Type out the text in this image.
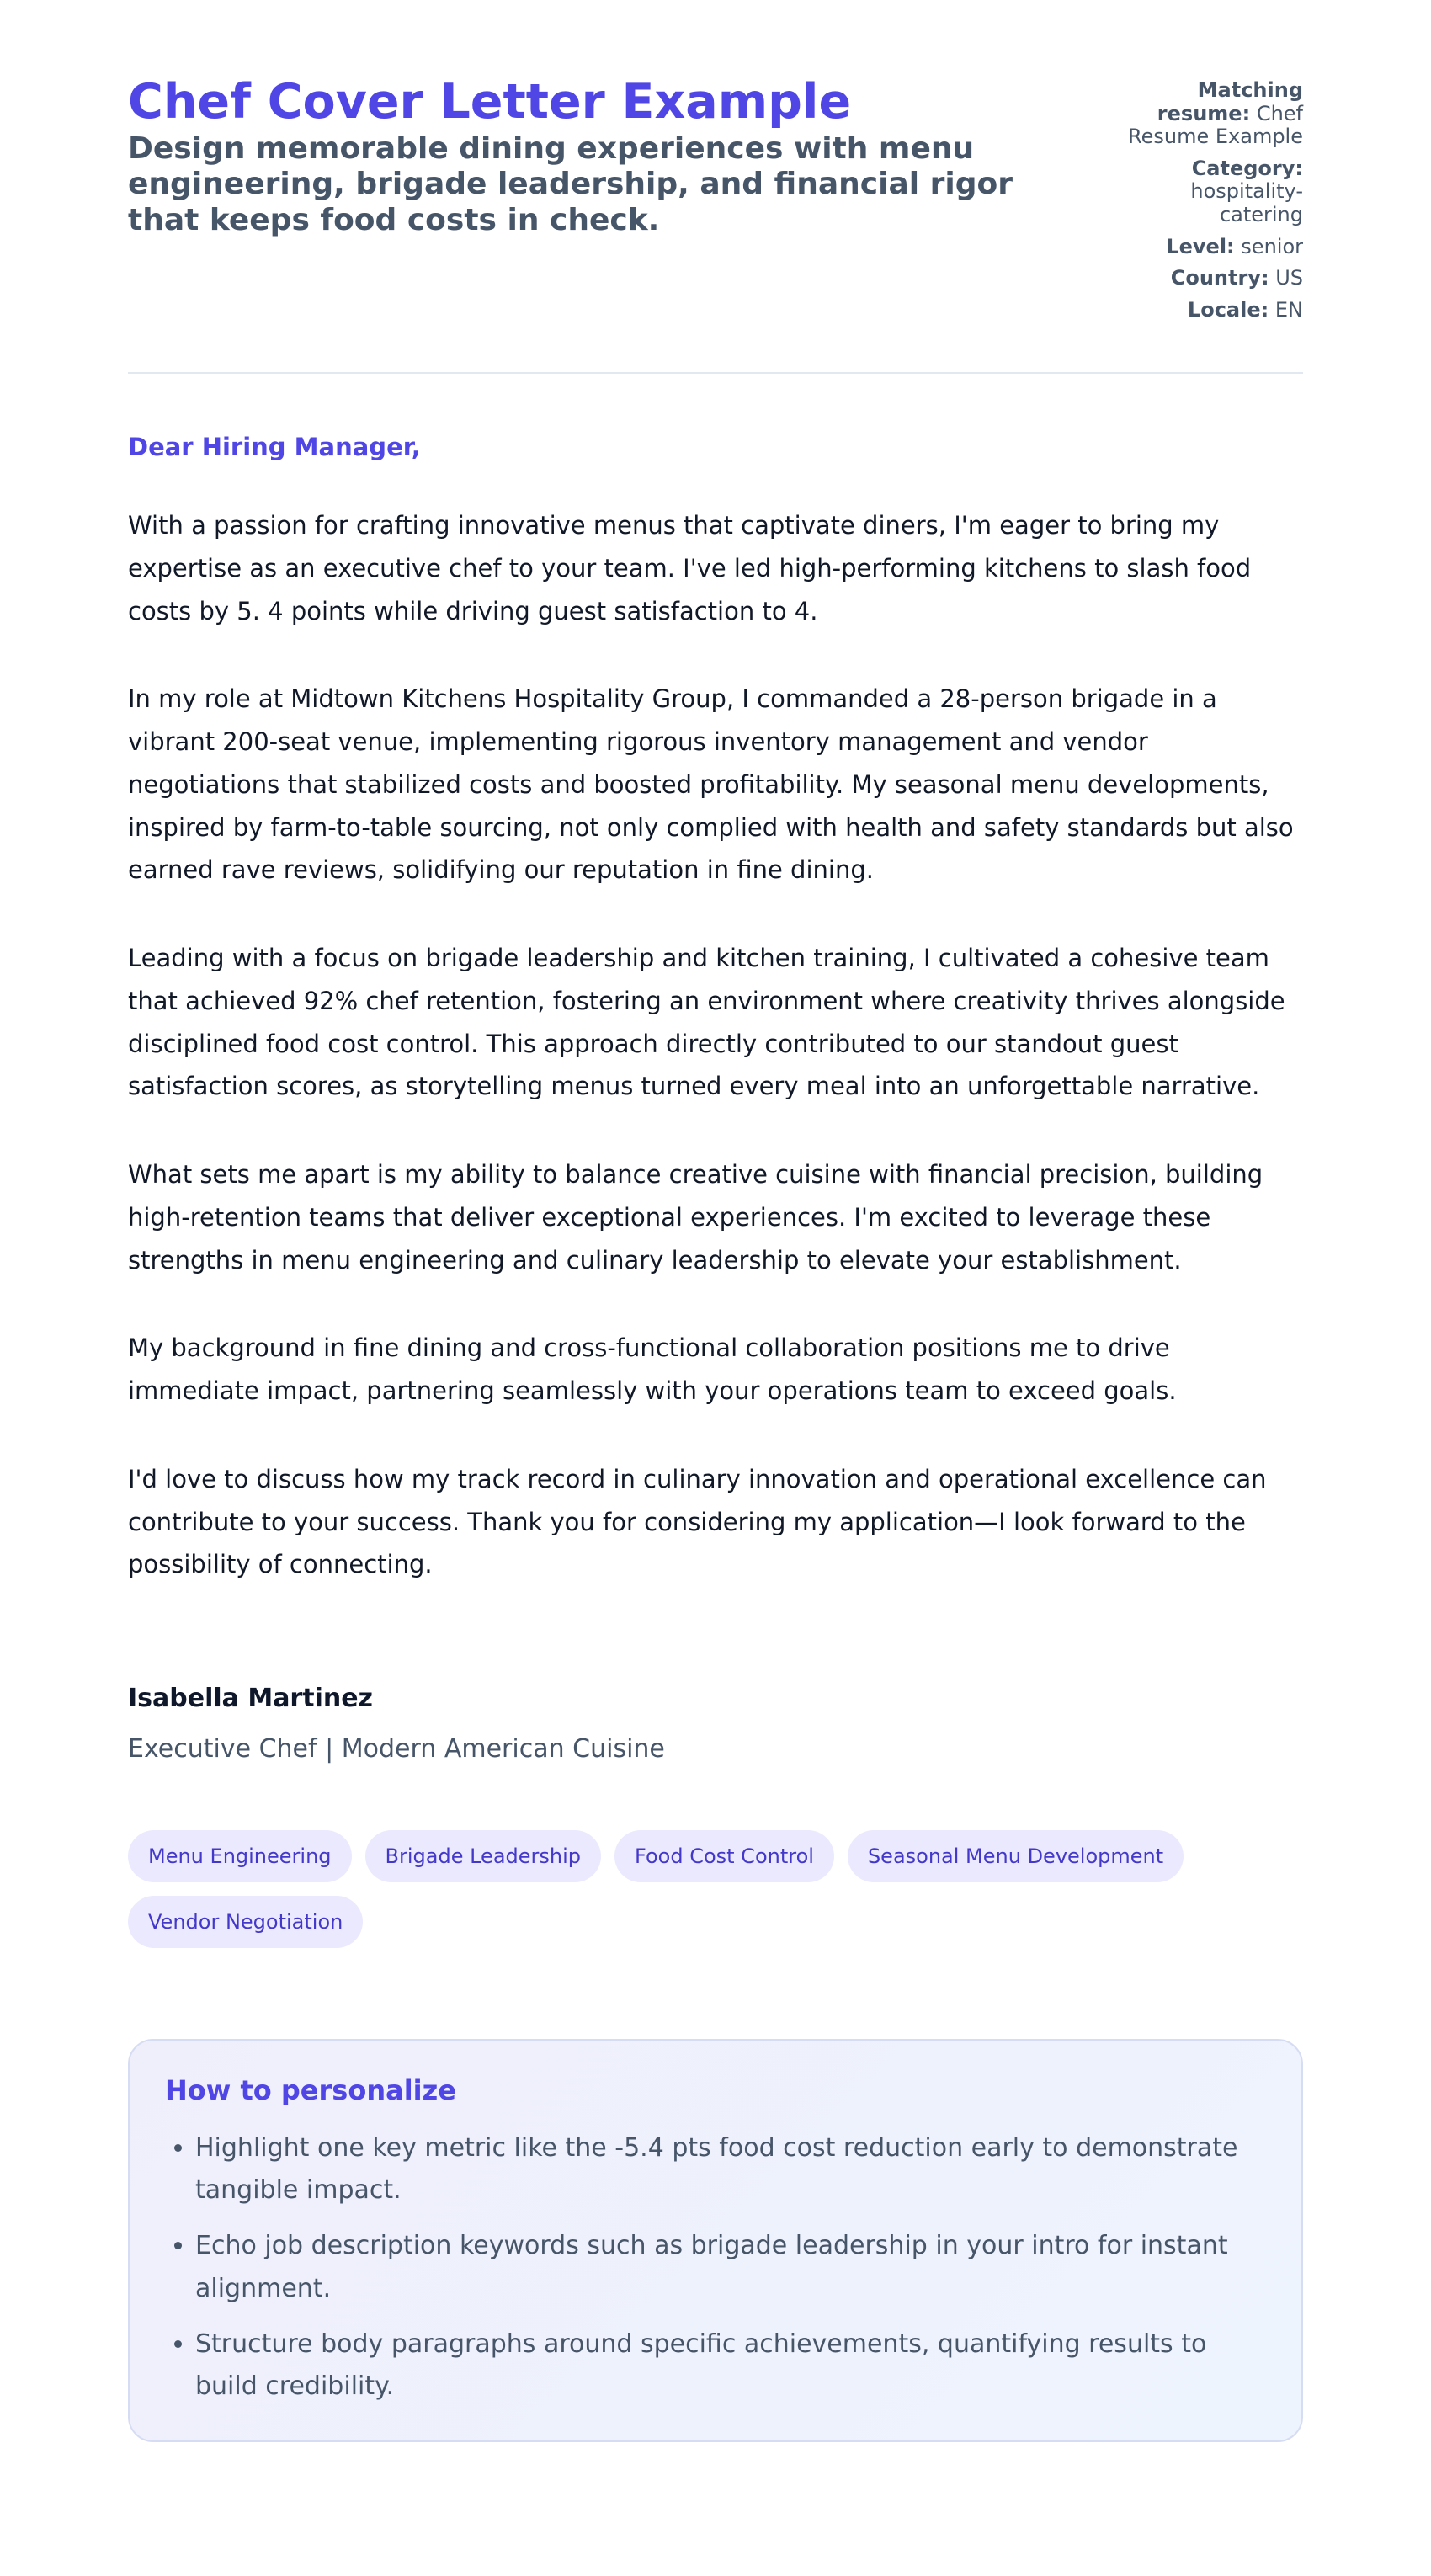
Chef Cover Letter Example
Design memorable dining experiences with menu engineering, brigade leadership, and financial rigor that keeps food costs in check.
Matching resume: Chef Resume Example
Category: hospitality-catering
Level: senior
Country: US
Locale: EN
Dear Hiring Manager,

With a passion for crafting innovative menus that captivate diners, I'm eager to bring my expertise as an executive chef to your team. I've led high-performing kitchens to slash food costs by 5. 4 points while driving guest satisfaction to 4.

In my role at Midtown Kitchens Hospitality Group, I commanded a 28-person brigade in a vibrant 200-seat venue, implementing rigorous inventory management and vendor negotiations that stabilized costs and boosted profitability. My seasonal menu developments, inspired by farm-to-table sourcing, not only complied with health and safety standards but also earned rave reviews, solidifying our reputation in fine dining.

Leading with a focus on brigade leadership and kitchen training, I cultivated a cohesive team that achieved 92% chef retention, fostering an environment where creativity thrives alongside disciplined food cost control. This approach directly contributed to our standout guest satisfaction scores, as storytelling menus turned every meal into an unforgettable narrative.

What sets me apart is my ability to balance creative cuisine with financial precision, building high-retention teams that deliver exceptional experiences. I'm excited to leverage these strengths in menu engineering and culinary leadership to elevate your establishment.

My background in fine dining and cross-functional collaboration positions me to drive immediate impact, partnering seamlessly with your operations team to exceed goals.

I'd love to discuss how my track record in culinary innovation and operational excellence can contribute to your success. Thank you for considering my application—I look forward to the possibility of connecting.

Isabella Martinez
Executive Chef | Modern American Cuisine
Menu Engineering	Brigade Leadership	Food Cost Control	Seasonal Menu Development
Vendor Negotiation
How to personalize
• Highlight one key metric like the -5.4 pts food cost reduction early to demonstrate tangible impact.
• Echo job description keywords such as brigade leadership in your intro for instant alignment.
• Structure body paragraphs around specific achievements, quantifying results to build credibility.
